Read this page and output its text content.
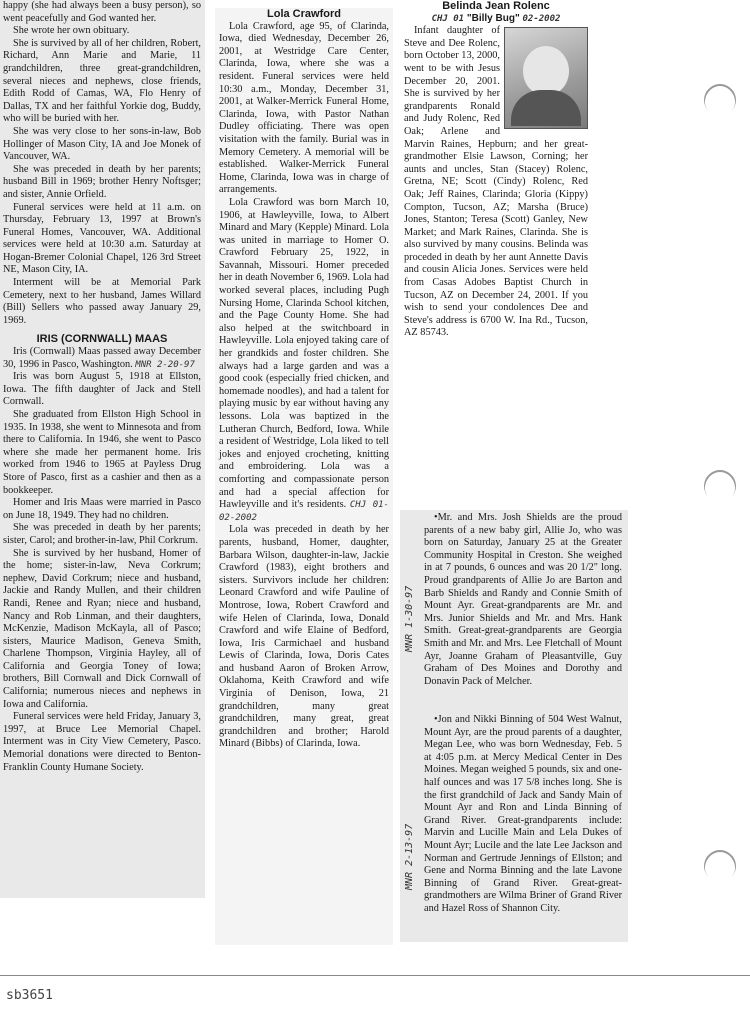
happy (she had always been a busy person), so went peacefully and God wanted her.

She wrote her own obituary.

She is survived by all of her children, Robert, Richard, Ann Marie and Marie, 11 grandchildren, three great-grandchildren, several nieces and nephews, close friends, Edith Rodd of Camas, WA, Flo Henry of Dallas, TX and her faithful Yorkie dog, Buddy, who will be buried with her.

She was very close to her sons-in-law, Bob Hollinger of Mason City, IA and Joe Monek of Vancouver, WA.

She was preceded in death by her parents; husband Bill in 1969; brother Henry Noftsger; and sister, Annie Orfield.

Funeral services were held at 11 a.m. on Thursday, February 13, 1997 at Brown's Funeral Homes, Vancouver, WA. Additional services were held at 10:30 a.m. Saturday at Hogan-Bremer Colonial Chapel, 126 3rd Street NE, Mason City, IA.

Interment will be at Memorial Park Cemetery, next to her husband, James Willard (Bill) Sellers who passed away January 29, 1969.

IRIS (CORNWALL) MAAS

Iris (Cornwall) Maas passed away December 30, 1996 in Pasco, Washington. MNR 2-20-97

Iris was born August 5, 1918 at Ellston, Iowa. The fifth daughter of Jack and Stell Cornwall.

She graduated from Ellston High School in 1935. In 1938, she went to Minnesota and from there to California. In 1946, she went to Pasco where she made her permanent home. Iris worked from 1946 to 1965 at Payless Drug Store of Pasco, first as a cashier and then as a bookkeeper.

Homer and Iris Maas were married in Pasco on June 18, 1949. They had no children.

She was preceded in death by her parents; sister, Carol; and brother-in-law, Phil Corkrum.

She is survived by her husband, Homer of the home; sister-in-law, Neva Corkrum; nephew, David Corkrum; niece and husband, Jackie and Randy Mullen, and their children Randi, Renee and Ryan; niece and husband, Nancy and Rob Linman, and their daughters, McKenzie, Madison McKayla, all of Pasco; sisters, Maurice Madison, Geneva Smith, Charlene Thompson, Virginia Hayley, all of California and Georgia Toney of Iowa; brothers, Bill Cornwall and Dick Cornwall of California; numerous nieces and nephews in Iowa and California.

Funeral services were held Friday, January 3, 1997, at Bruce Lee Memorial Chapel. Interment was in City View Cemetery, Pasco. Memorial donations were directed to Benton-Franklin County Humane Society.

Lola Crawford

Lola Crawford, age 95, of Clarinda, Iowa, died Wednesday, December 26, 2001, at Westridge Care Center, Clarinda, Iowa, where she was a resident. Funeral services were held 10:30 a.m., Monday, December 31, 2001, at Walker-Merrick Funeral Home, Clarinda, Iowa, with Pastor Nathan Dudley officiating. There was open visitation with the family. Burial was in Memory Cemetery. A memorial will be established. Walker-Merrick Funeral Home, Clarinda, Iowa was in charge of arrangements.

Lola Crawford was born March 10, 1906, at Hawleyville, Iowa, to Albert Minard and Mary (Kepple) Minard. Lola was united in marriage to Homer O. Crawford February 25, 1922, in Savannah, Missouri. Homer preceded her in death November 6, 1969. Lola had worked several places, including Pugh Nursing Home, Clarinda School kitchen, and the Page County Home. She had also helped at the switchboard in Hawleyville. Lola enjoyed taking care of her grandkids and foster children. She always had a large garden and was a good cook (especially fried chicken, and homemade noodles), and had a talent for playing music by ear without having any lessons. Lola was baptized in the Lutheran Church, Bedford, Iowa. While a resident of Westridge, Lola liked to tell jokes and enjoyed crocheting, knitting and embroidering. Lola was a comforting and compassionate person and had a special affection for Hawleyville and it's residents. CHJ 01-02-2002

Lola was preceded in death by her parents, husband, Homer, daughter, Barbara Wilson, daughter-in-law, Jackie Crawford (1983), eight brothers and sisters. Survivors include her children: Leonard Crawford and wife Pauline of Montrose, Iowa, Robert Crawford and wife Helen of Clarinda, Iowa, Donald Crawford and wife Elaine of Bedford, Iowa, Iris Carmichael and husband Lewis of Clarinda, Iowa, Doris Cates and husband Aaron of Broken Arrow, Oklahoma, Keith Crawford and wife Virginia of Denison, Iowa, 21 grandchildren, many great grandchildren, many great, great grandchildren and brother; Harold Minard (Bibbs) of Clarinda, Iowa.

Belinda Jean Rolenc

CHJ 01 "Billy Bug" 02-2002

Infant daughter of Steve and Dee Rolenc, born October 13, 2000, went to be with Jesus December 20, 2001. She is survived by her grandparents Ronald and Judy Rolenc, Red Oak; Arlene and Marvin Raines, Hepburn; and her great-grandmother Elsie Lawson, Corning; her aunts and uncles, Stan (Stacey) Rolenc, Gretna, NE; Scott (Cindy) Rolenc, Red Oak; Jeff Raines, Clarinda; Gloria (Kippy) Compton, Tucson, AZ; Marsha (Bruce) Jones, Stanton; Teresa (Scott) Ganley, New Market; and Mark Raines, Clarinda. She is also survived by many cousins. Belinda was proceded in death by her aunt Annette Davis and cousin Alicia Jones. Services were held from Casas Adobes Baptist Church in Tucson, AZ on December 24, 2001. If you wish to send your condolences Dee and Steve's address is 6700 W. Ina Rd., Tucson, AZ 85743.

•Mr. and Mrs. Josh Shields are the proud parents of a new baby girl, Allie Jo, who was born on Saturday, January 25 at the Greater Community Hospital in Creston. She weighed in at 7 pounds, 6 ounces and was 20 1/2" long. Proud grandparents of Allie Jo are Barton and Barb Shields and Randy and Connie Smith of Mount Ayr. Great-grandparents are Mr. and Mrs. Junior Shields and Mr. and Mrs. Hank Smith. Great-great-grandparents are Georgia Smith and Mr. and Mrs. Lee Fletchall of Mount Ayr, Joanne Graham of Pleasantville, Guy Graham of Des Moines and Dorothy and Donavin Pack of Melcher.

MNR 1-30-97

•Jon and Nikki Binning of 504 West Walnut, Mount Ayr, are the proud parents of a daughter, Megan Lee, who was born Wednesday, Feb. 5 at 4:05 p.m. at Mercy Medical Center in Des Moines. Megan weighed 5 pounds, six and one-half ounces and was 17 5/8 inches long. She is the first grandchild of Jack and Sandy Main of Mount Ayr and Ron and Linda Binning of Grand River. Great-grandparents include: Marvin and Lucille Main and Lela Dukes of Mount Ayr; Lucile and the late Lee Jackson and Norman and Gertrude Jennings of Ellston; and Gene and Norma Binning and the late Lavone Binning of Grand River. Great-great-grandmothers are Wilma Briner of Grand River and Hazel Ross of Shannon City.

MNR 2-13-97
sb3651
